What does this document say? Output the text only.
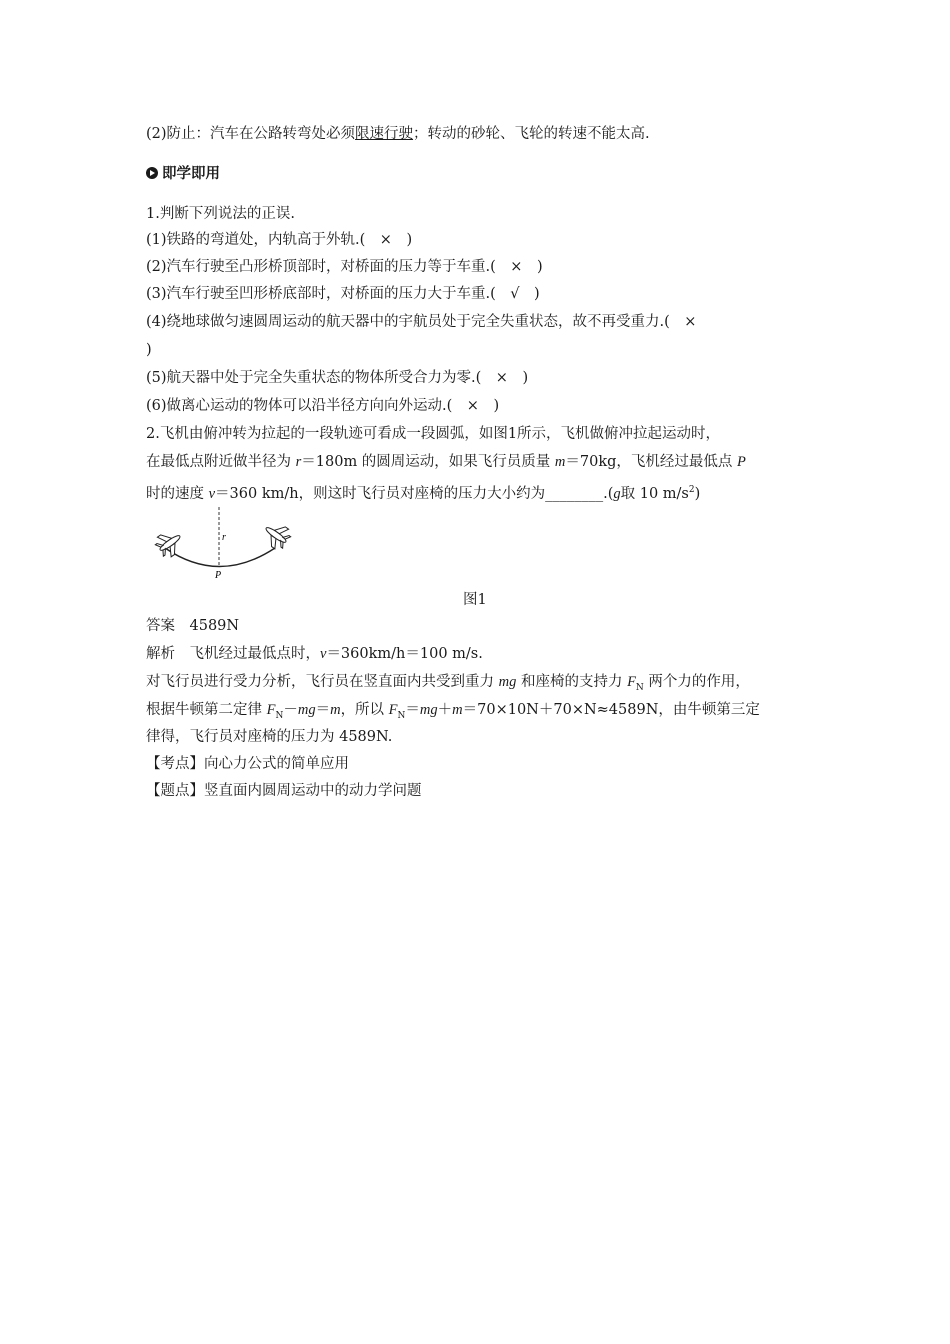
(2)防止：汽车在公路转弯处必须限速行驶；转动的砂轮、飞轮的转速不能太高.
即学即用
1.判断下列说法的正误.
(1)铁路的弯道处，内轨高于外轨.(　×　)
(2)汽车行驶至凸形桥顶部时，对桥面的压力等于车重.(　×　)
(3)汽车行驶至凹形桥底部时，对桥面的压力大于车重.(　√　)
(4)绕地球做匀速圆周运动的航天器中的宇航员处于完全失重状态，故不再受重力.(　×
)
(5)航天器中处于完全失重状态的物体所受合力为零.(　×　)
(6)做离心运动的物体可以沿半径方向向外运动.(　×　)
2.飞机由俯冲转为拉起的一段轨迹可看成一段圆弧，如图1所示，飞机做俯冲拉起运动时，
在最低点附近做半径为 r＝180m 的圆周运动，如果飞行员质量 m＝70kg，飞机经过最低点 P
时的速度 v＝360 km/h，则这时飞行员对座椅的压力大小约为________.(g取 10 $m/s^2$)
r
P
图1
答案　 4589N
解析　飞机经过最低点时，v＝360km/h＝100 m/s.
对飞行员进行受力分析，飞行员在竖直面内共受到重力 mg 和座椅的支持力 $F_N$ 两个力的作用，
根据牛顿第二定律 $F_N-mg=m$，所以 $F_N=mg+m=70\times 10N+70\times N\approx 4589N$，由牛顿第三定
律得，飞行员对座椅的压力为 4589N.
【考点】向心力公式的简单应用
【题点】竖直面内圆周运动中的动力学问题
